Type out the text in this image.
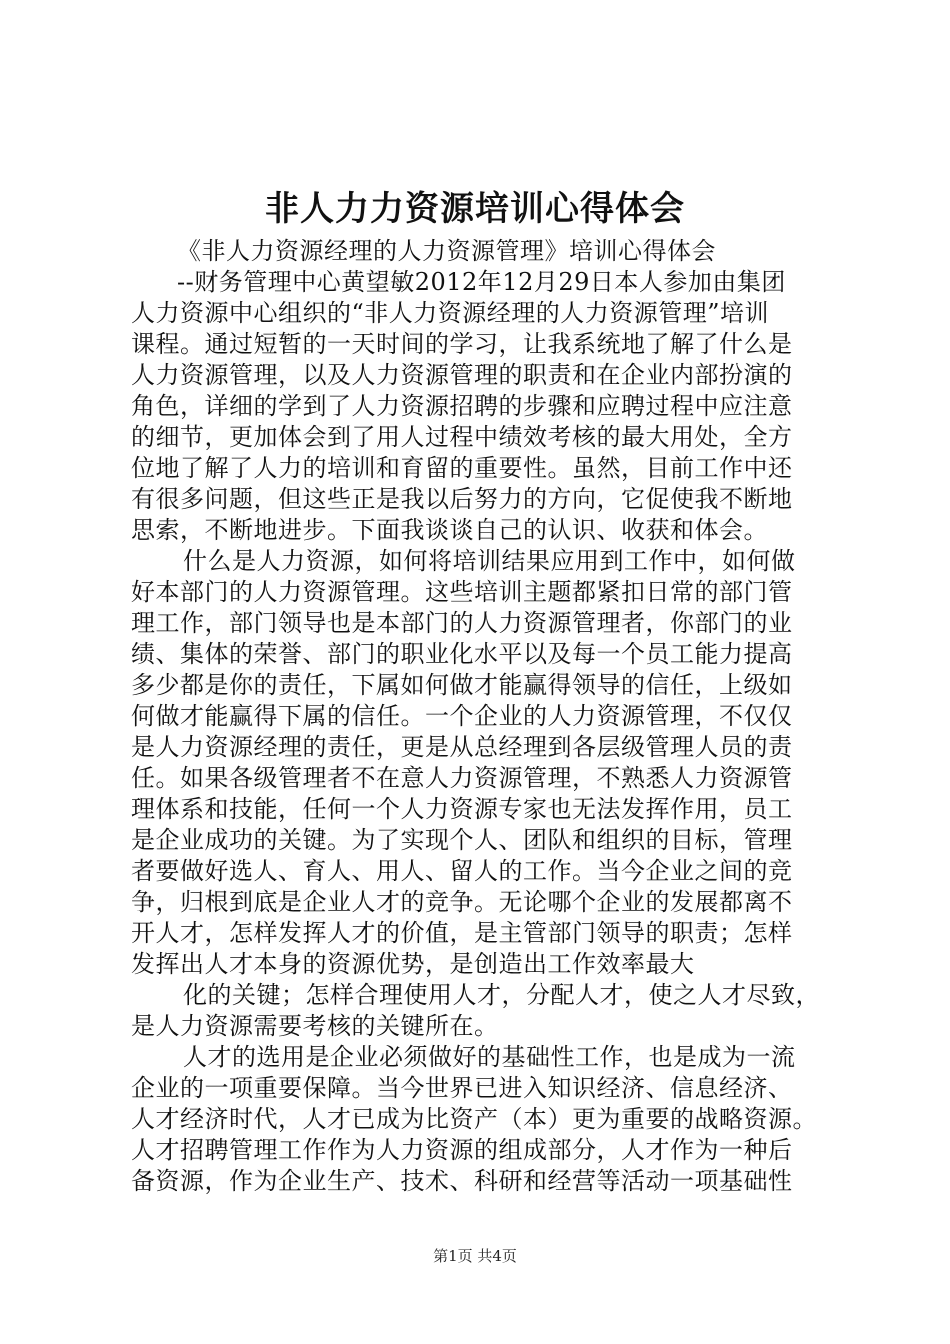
非人力力资源培训心得体会
《非人力资源经理的人力资源管理》培训心得体会
--财务管理中心黄望敏2012年12月29日本人参加由集团
人力资源中心组织的“非人力资源经理的人力资源管理”培训
课程。通过短暂的一天时间的学习，让我系统地了解了什么是
人力资源管理，以及人力资源管理的职责和在企业内部扮演的
角色，详细的学到了人力资源招聘的步骤和应聘过程中应注意
的细节，更加体会到了用人过程中绩效考核的最大用处，全方
位地了解了人力的培训和育留的重要性。虽然，目前工作中还
有很多问题，但这些正是我以后努力的方向，它促使我不断地
思索，不断地进步。下面我谈谈自己的认识、收获和体会。
什么是人力资源，如何将培训结果应用到工作中，如何做
好本部门的人力资源管理。这些培训主题都紧扣日常的部门管
理工作，部门领导也是本部门的人力资源管理者，你部门的业
绩、集体的荣誉、部门的职业化水平以及每一个员工能力提高
多少都是你的责任，下属如何做才能赢得领导的信任，上级如
何做才能赢得下属的信任。一个企业的人力资源管理，不仅仅
是人力资源经理的责任，更是从总经理到各层级管理人员的责
任。如果各级管理者不在意人力资源管理，不熟悉人力资源管
理体系和技能，任何一个人力资源专家也无法发挥作用，员工
是企业成功的关键。为了实现个人、团队和组织的目标，管理
者要做好选人、育人、用人、留人的工作。当今企业之间的竞
争，归根到底是企业人才的竞争。无论哪个企业的发展都离不
开人才，怎样发挥人才的价值，是主管部门领导的职责；怎样
发挥出人才本身的资源优势，是创造出工作效率最大
化的关键；怎样合理使用人才，分配人才，使之人才尽致，
是人力资源需要考核的关键所在。
人才的选用是企业必须做好的基础性工作，也是成为一流
企业的一项重要保障。当今世界已进入知识经济、信息经济、
人才经济时代，人才已成为比资产（本）更为重要的战略资源。
人才招聘管理工作作为人力资源的组成部分，人才作为一种后
备资源，作为企业生产、技术、科研和经营等活动一项基础性
第1页 共4页
